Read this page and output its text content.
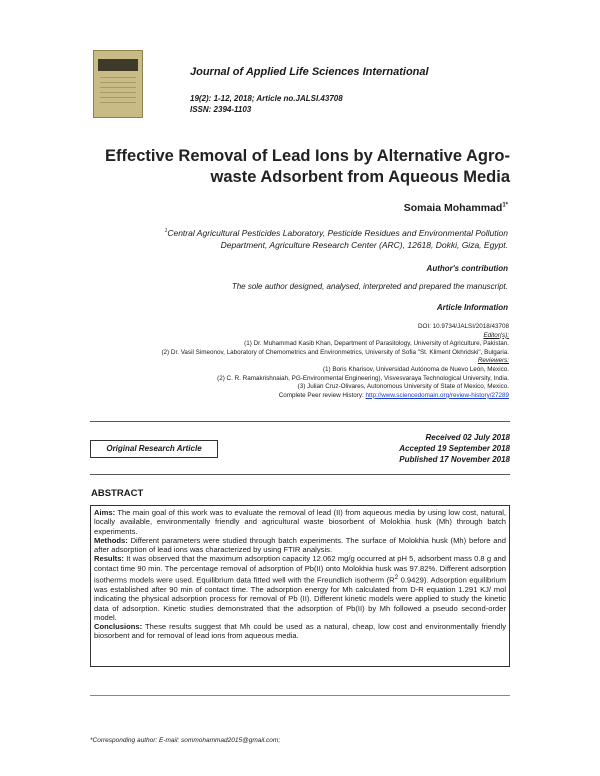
Journal of Applied Life Sciences International
19(2): 1-12, 2018; Article no.JALSI.43708
ISSN: 2394-1103
Effective Removal of Lead Ions by Alternative Agro-
waste Adsorbent from Aqueous Media
Somaia Mohammad$^{1*}$
$^1$Central Agricultural Pesticides Laboratory, Pesticide Residues and Environmental Pollution
Department, Agriculture Research Center (ARC), 12618, Dokki, Giza, Egypt.
Author's contribution
The sole author designed, analysed, interpreted and prepared the manuscript.
Article Information
DOI: 10.9734/JALSI/2018/43708
Editor(s):
(1) Dr. Muhammad Kasib Khan, Department of Parasitology, University of Agriculture, Pakistan.
(2) Dr. Vasil Simeonov, Laboratory of Chemometrics and Environmetrics, University of Sofia "St. Kliment Okhridski", Bulgaria.
Reviewers:
(1) Boris Kharisov, Universidad Autónoma de Nuevo León, Mexico.
(2) C. R. Ramakrishnaiah, PG-Environmental Engineering), Visvesvaraya Technological University, India.
(3) Julian Cruz-Olivares, Autonomous University of State of Mexico, Mexico.
Complete Peer review History: http://www.sciencedomain.org/review-history/27289
Original Research Article
Received 02 July 2018
Accepted 19 September 2018
Published 17 November 2018
ABSTRACT

Aims: The main goal of this work was to evaluate the removal of lead (II) from aqueous media by using low cost, natural, locally available, environmentally friendly and agricultural waste biosorbent of Molokhia husk (Mh) through batch experiments.

Methods: Different parameters were studied through batch experiments. The surface of Molokhia husk (Mh) before and after adsorption of lead ions was characterized by using FTIR analysis.

Results: It was observed that the maximum adsorption capacity 12.062 mg/g occurred at pH 5, adsorbent mass 0.8 g and contact time 90 min. The percentage removal of adsorption of Pb(II) onto Molokhia husk was 97.82%. Different adsorption isotherms models were used. Equilibrium data fitted well with the Freundlich isotherm ($R^2$ 0.9429). Adsorption equilibrium was established after 90 min of contact time. The adsorption energy for Mh calculated from D-R equation 1.291 KJ/ mol indicating the physical adsorption process for removal of Pb (II). Different kinetic models were applied to study the kinetic data of adsorption. Kinetic studies demonstrated that the adsorption of Pb(II) by Mh followed a pseudo second-order model.

Conclusions: These results suggest that Mh could be used as a natural, cheap, low cost and environmentally friendly biosorbent and for removal of lead ions from aqueous media.

*Corresponding author: E-mail: sommohammad2015@gmail.com;
